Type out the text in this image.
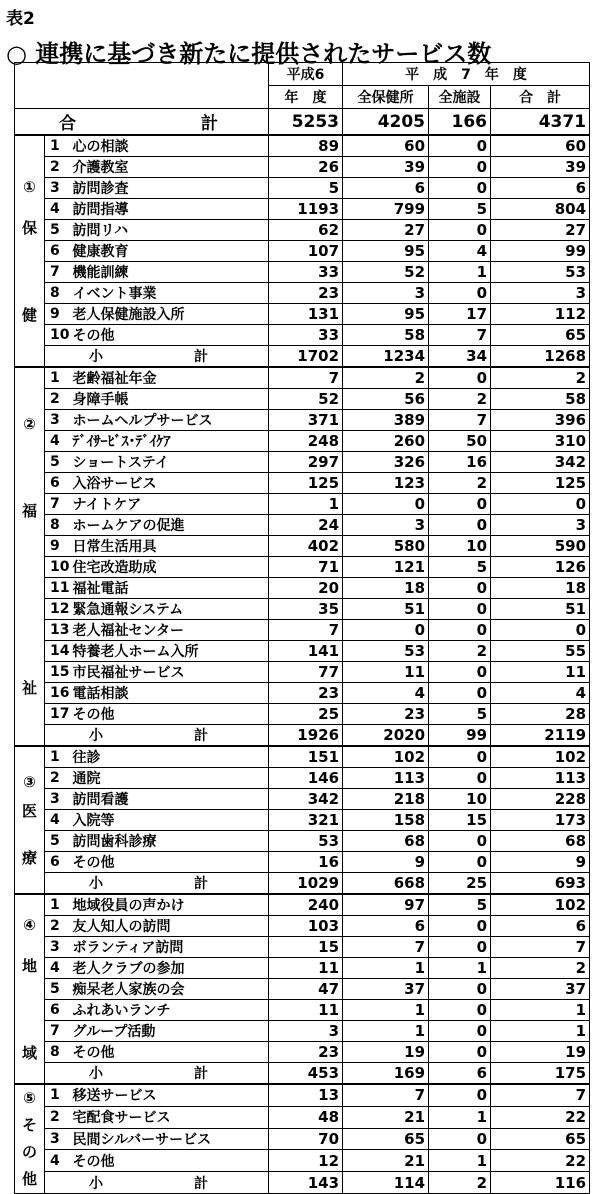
表2
○ 連携に基づき新たに提供されたサービス数
			平成6	平　成　7　年　度		
			年　度	全保健所	全施設	合　計

合 計			5253	4205	166	4371

①
保
健	1	心の相談	89	60	0	60
	2	介護教室	26	39	0	39
	3	訪問診査	5	6	0	6
	4	訪問指導	1193	799	5	804
	5	訪問リハ	62	27	0	27
	6	健康教育	107	95	4	99
	7	機能訓練	33	52	1	53
	8	イベント事業	23	3	0	3
	9	老人保健施設入所	131	95	17	112
	10	その他	33	58	7	65

	小 計		1702	1234	34	1268

②
福
祉	1	老齢福祉年金	7	2	0	2
	2	身障手帳	52	56	2	58
	3	ホームヘルプサービス	371	389	7	396
	4	ﾃﾞｲｻｰﾋﾞｽ･ﾃﾞｲｹｱ	248	260	50	310
	5	ショートステイ	297	326	16	342
	6	入浴サービス	125	123	2	125
	7	ナイトケア	1	0	0	0
	8	ホームケアの促進	24	3	0	3
	9	日常生活用具	402	580	10	590
	10	住宅改造助成	71	121	5	126
	11	福祉電話	20	18	0	18
	12	緊急通報システム	35	51	0	51
	13	老人福祉センター	7	0	0	0
	14	特養老人ホーム入所	141	53	2	55
	15	市民福祉サービス	77	11	0	11
	16	電話相談	23	4	0	4
	17	その他	25	23	5	28

	小 計		1926	2020	99	2119

③
医
療	1	往診	151	102	0	102
	2	通院	146	113	0	113
	3	訪問看護	342	218	10	228
	4	入院等	321	158	15	173
	5	訪問歯科診療	53	68	0	68
	6	その他	16	9	0	9

	小 計		1029	668	25	693

④
地
域	1	地域役員の声かけ	240	97	5	102
	2	友人知人の訪問	103	6	0	6
	3	ボランティア訪問	15	7	0	7
	4	老人クラブの参加	11	1	1	2
	5	痴呆老人家族の会	47	37	0	37
	6	ふれあいランチ	11	1	0	1
	7	グループ活動	3	1	0	1
	8	その他	23	19	0	19

	小 計		453	169	6	175

⑤
そ
の
他	1	移送サービス	13	7	0	7
	2	宅配食サービス	48	21	1	22
	3	民間シルバーサービス	70	65	0	65
	4	その他	12	21	1	22

	小 計		143	114	2	116
